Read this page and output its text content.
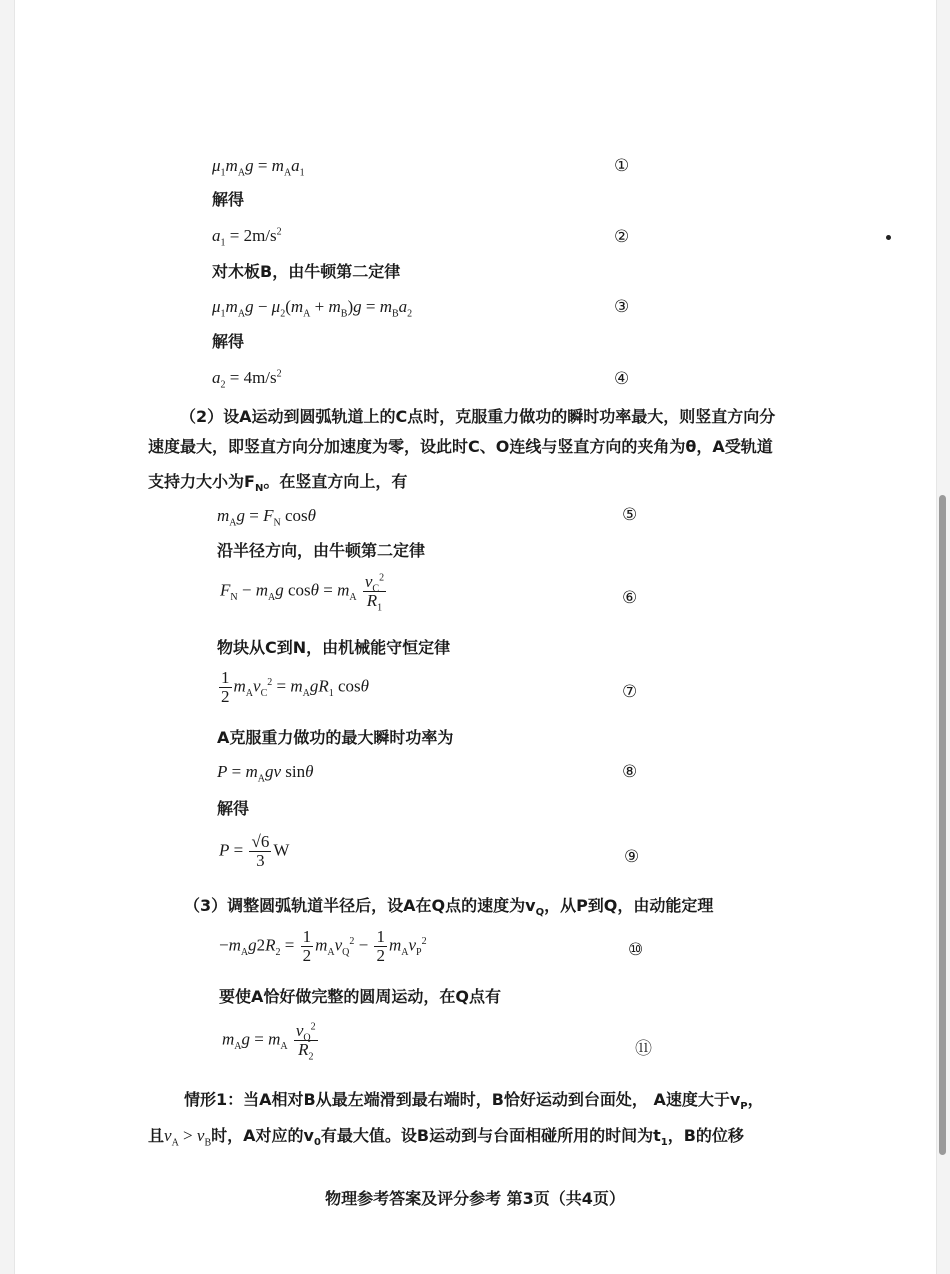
$\mu_1m_Ag = m_Aa_1$	①
解得
$a_1 = 2m/s^2$	②
对木板B，由牛顿第二定律
$\mu_1m_Ag - \mu_2(m_A + m_B)g = m_Ba_2$	③
解得
$a_2 = 4m/s^2$	④
（2）设A运动到圆弧轨道上的C点时，克服重力做功的瞬时功率最大，则竖直方向分
速度最大，即竖直方向分加速度为零，设此时C、O连线与竖直方向的夹角为θ，A受轨道
支持力大小为$F_N$。在竖直方向上，有
$m_Ag = F_N$ cosθ	⑤
沿半径方向，由牛顿第二定律
$F_N - m_Ag$ $\cos\theta = m_A \frac{v_C^2}{R_1}$	⑥
物块从C到N，由机械能守恒定律
$\frac{1}{2} m_Av_C^2 = m_AgR_1$ cosθ	⑦
A克服重力做功的最大瞬时功率为
$P = m_Agv$ sinθ	⑧
解得
$P = \frac{√6}{3}$ W	⑨
（3）调整圆弧轨道半径后，设A在Q点的速度为$v_Q$，从P到Q，由动能定理
$-m_Ag2R_2 = \frac{1}{2} m_Av_Q^2 - \frac{1}{2} m_Av_P^2$	⑩
要使A恰好做完整的圆周运动，在Q点有
$m_Ag = m_A \frac{v_Q^2}{R_2}$	⑪
情形1：当A相对B从最左端滑到最右端时，B恰好运动到台面处， A速度大于$v_P$，
且$v_A > v_B$时，A对应的$v_0$有最大值。设B运动到与台面相碰所用的时间为$t_1$，B的位移
物理参考答案及评分参考 第3页（共4页）
